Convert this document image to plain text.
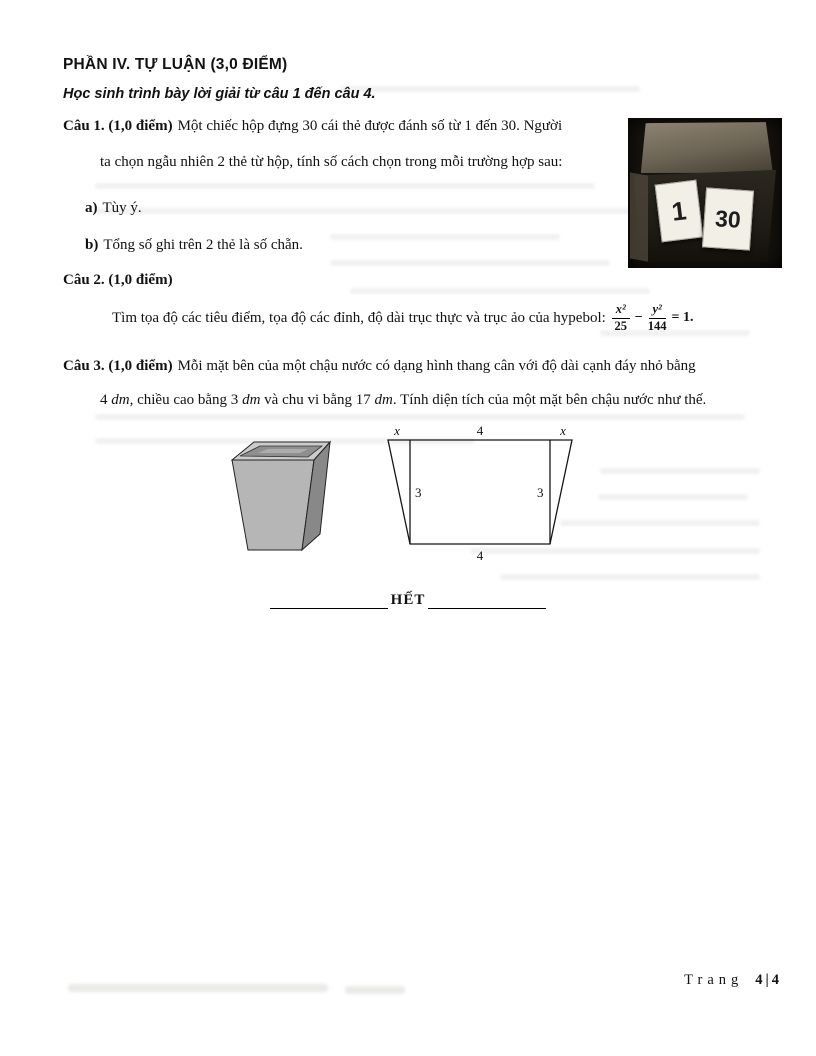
PHẦN IV. TỰ LUẬN (3,0 ĐIỂM)
Học sinh trình bày lời giải từ câu 1 đến câu 4.
Câu 1. (1,0 điểm) Một chiếc hộp đựng 30 cái thẻ được đánh số từ 1 đến 30. Người
ta chọn ngẫu nhiên 2 thẻ từ hộp, tính số cách chọn trong mỗi trường hợp sau:
a) Tùy ý.
b) Tổng số ghi trên 2 thẻ là số chẵn.
1 30
Câu 2. (1,0 điểm)
Tìm tọa độ các tiêu điểm, tọa độ các đỉnh, độ dài trục thực và trục ảo của hypebol: $\frac{\text{x²}}{25} - \frac{\text{y²}}{144} = 1$.
Câu 3. (1,0 điểm) Mỗi mặt bên của một chậu nước có dạng hình thang cân với độ dài cạnh đáy nhỏ bằng
4 dm, chiều cao bằng 3 dm và chu vi bằng 17 dm. Tính diện tích của một mặt bên chậu nước như thế.
x	4	x
3	3
4
HẾT
Trang 4|4
